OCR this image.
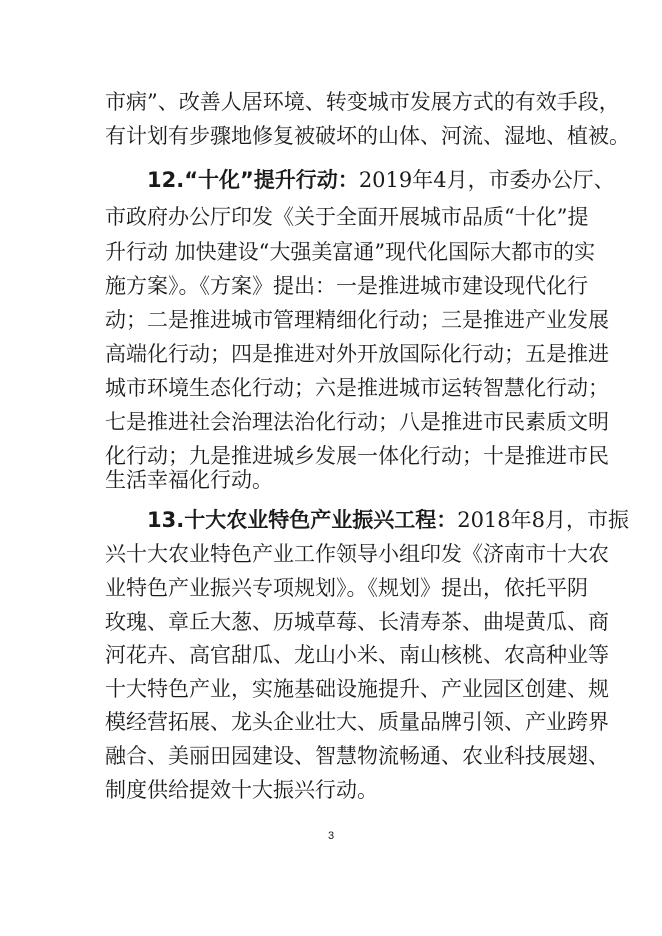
市病”、改善人居环境、转变城市发展方式的有效手段，
有计划有步骤地修复被破坏的山体、河流、湿地、植被。
12.“十化”提升行动：2019年4月，市委办公厅、
市政府办公厅印发《关于全面开展城市品质“十化”提
升行动 加快建设“大强美富通”现代化国际大都市的实
施方案》。《方案》提出：一是推进城市建设现代化行
动；二是推进城市管理精细化行动；三是推进产业发展
高端化行动；四是推进对外开放国际化行动；五是推进
城市环境生态化行动；六是推进城市运转智慧化行动；
七是推进社会治理法治化行动；八是推进市民素质文明
化行动；九是推进城乡发展一体化行动；十是推进市民
生活幸福化行动。
13.十大农业特色产业振兴工程：2018年8月，市振
兴十大农业特色产业工作领导小组印发《济南市十大农
业特色产业振兴专项规划》。《规划》提出，依托平阴
玫瑰、章丘大葱、历城草莓、长清寿茶、曲堤黄瓜、商
河花卉、高官甜瓜、龙山小米、南山核桃、农高种业等
十大特色产业，实施基础设施提升、产业园区创建、规
模经营拓展、龙头企业壮大、质量品牌引领、产业跨界
融合、美丽田园建设、智慧物流畅通、农业科技展翅、
制度供给提效十大振兴行动。
3
